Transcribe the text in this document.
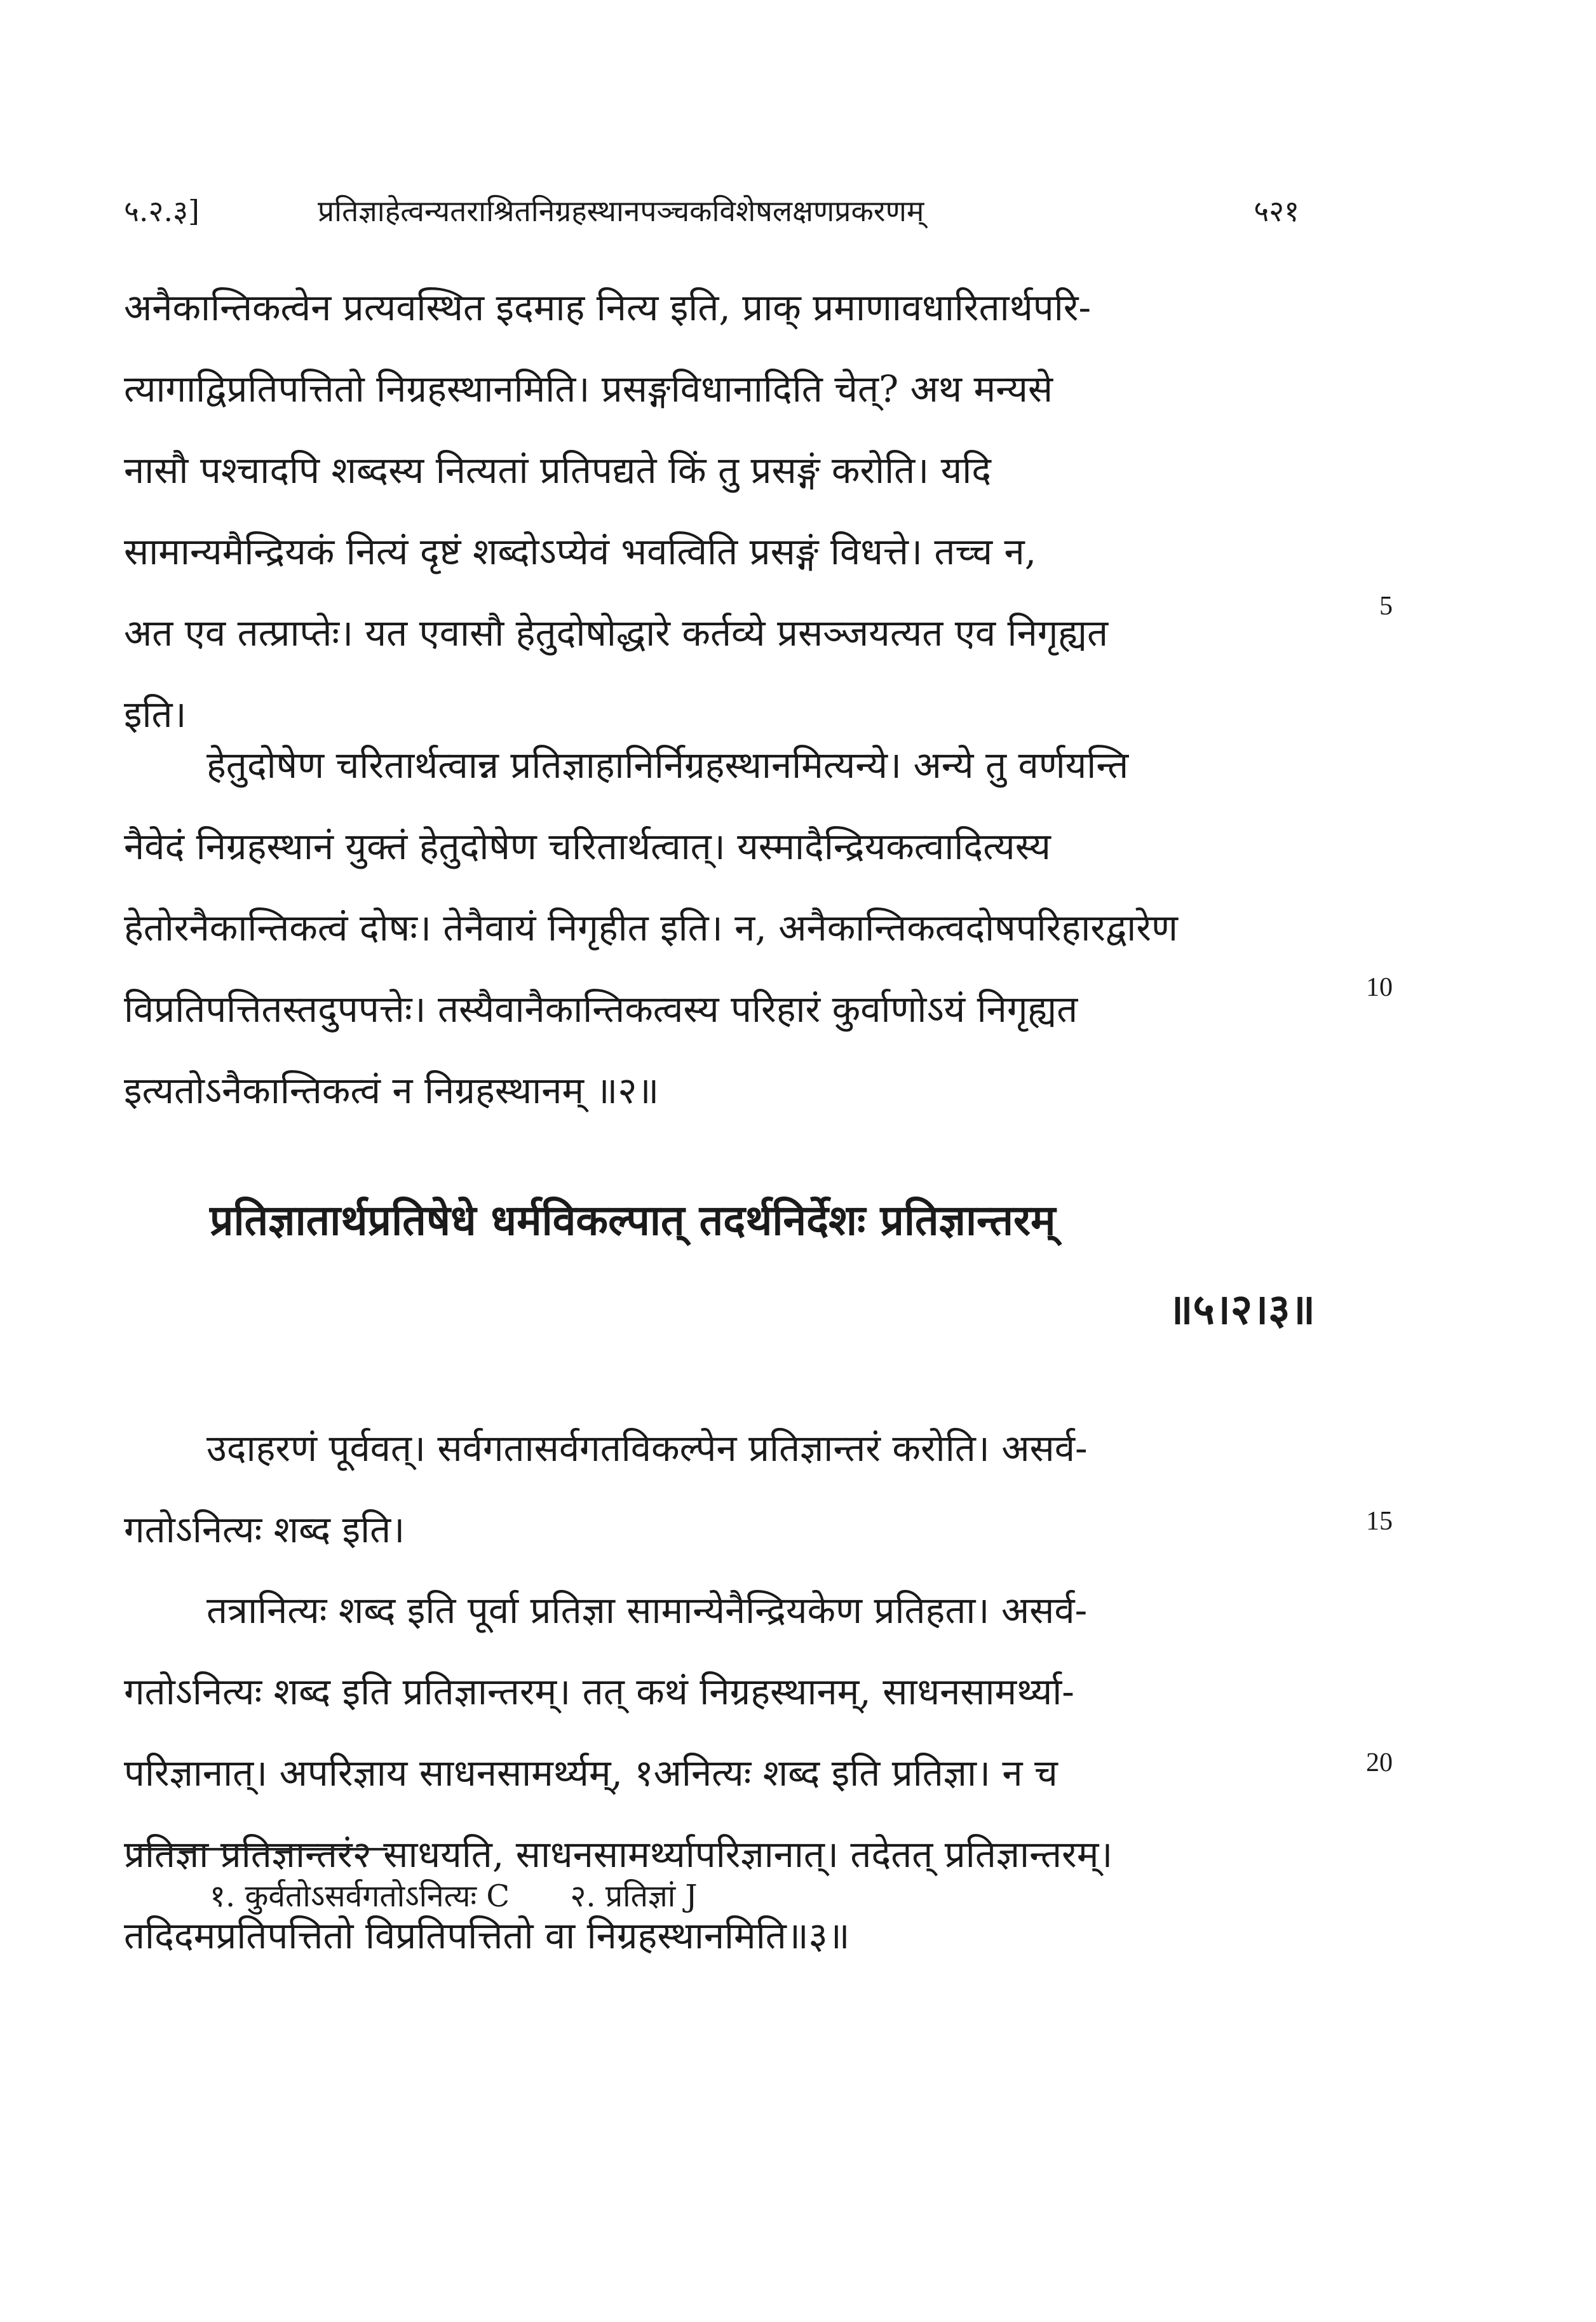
५.२.३]	प्रतिज्ञाहेत्वन्यतराश्रितनिग्रहस्थानपञ्चकविशेषलक्षणप्रकरणम्	५२१
अनैकान्तिकत्वेन प्रत्यवस्थित इदमाह नित्य इति, प्राक् प्रमाणावधारितार्थपरि-
त्यागाद्विप्रतिपत्तितो निग्रहस्थानमिति। प्रसङ्गविधानादिति चेत्? अथ मन्यसे
नासौ पश्चादपि शब्दस्य नित्यतां प्रतिपद्यते किं तु प्रसङ्गं करोति। यदि
सामान्यमैन्द्रियकं नित्यं दृष्टं शब्दोऽप्येवं भवत्विति प्रसङ्गं विधत्ते। तच्च न,
अत एव तत्प्राप्तेः। यत एवासौ हेतुदोषोद्धारे कर्तव्ये प्रसञ्जयत्यत एव निगृह्यत
इति।
हेतुदोषेण चरितार्थत्वान्न प्रतिज्ञाहानिर्निग्रहस्थानमित्यन्ये। अन्ये तु वर्णयन्ति
नैवेदं निग्रहस्थानं युक्तं हेतुदोषेण चरितार्थत्वात्। यस्मादैन्द्रियकत्वादित्यस्य
हेतोरनैकान्तिकत्वं दोषः। तेनैवायं निगृहीत इति। न, अनैकान्तिकत्वदोषपरिहारद्वारेण
विप्रतिपत्तितस्तदुपपत्तेः। तस्यैवानैकान्तिकत्वस्य परिहारं कुर्वाणोऽयं निगृह्यत
इत्यतोऽनैकान्तिकत्वं न निग्रहस्थानम् ॥२॥
प्रतिज्ञातार्थप्रतिषेधे धर्मविकल्पात् तदर्थनिर्देशः प्रतिज्ञान्तरम्
॥५।२।३॥
उदाहरणं पूर्ववत्। सर्वगतासर्वगतविकल्पेन प्रतिज्ञान्तरं करोति। असर्व-
गतोऽनित्यः शब्द इति।
तत्रानित्यः शब्द इति पूर्वा प्रतिज्ञा सामान्येनैन्द्रियकेण प्रतिहता। असर्व-
गतोऽनित्यः शब्द इति प्रतिज्ञान्तरम्। तत् कथं निग्रहस्थानम्, साधनसामर्थ्या-
परिज्ञानात्। अपरिज्ञाय साधनसामर्थ्यम्, १अनित्यः शब्द इति प्रतिज्ञा। न च
प्रतिज्ञा प्रतिज्ञान्तरं२ साधयति, साधनसामर्थ्यापरिज्ञानात्। तदेतत् प्रतिज्ञान्तरम्।
तदिदमप्रतिपत्तितो विप्रतिपत्तितो वा निग्रहस्थानमिति॥३॥
5
10
15
20
१. कुर्वतोऽसर्वगतोऽनित्यः C २. प्रतिज्ञां J
